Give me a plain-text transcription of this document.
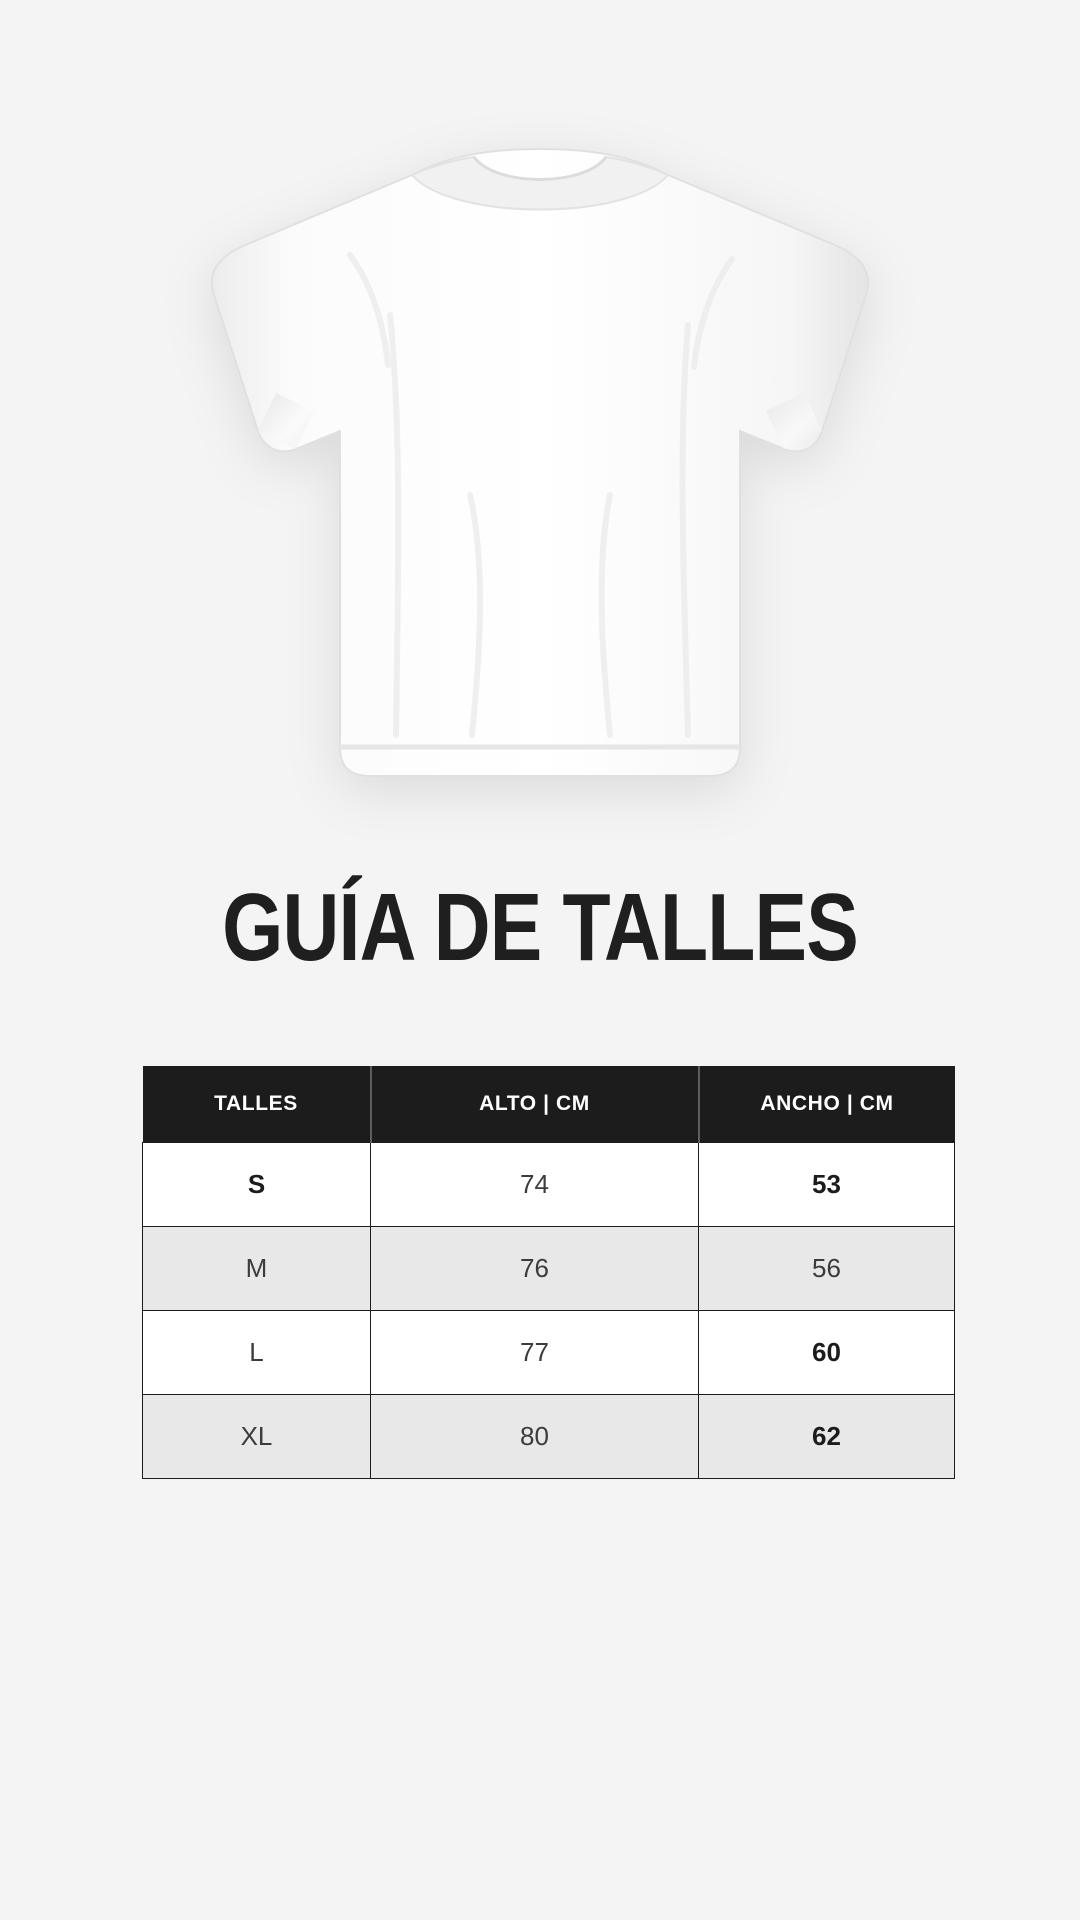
GUÍA DE TALLES
TALLES	ALTO | CM	ANCHO | CM
S	74	53
M	76	56
L	77	60
XL	80	62
